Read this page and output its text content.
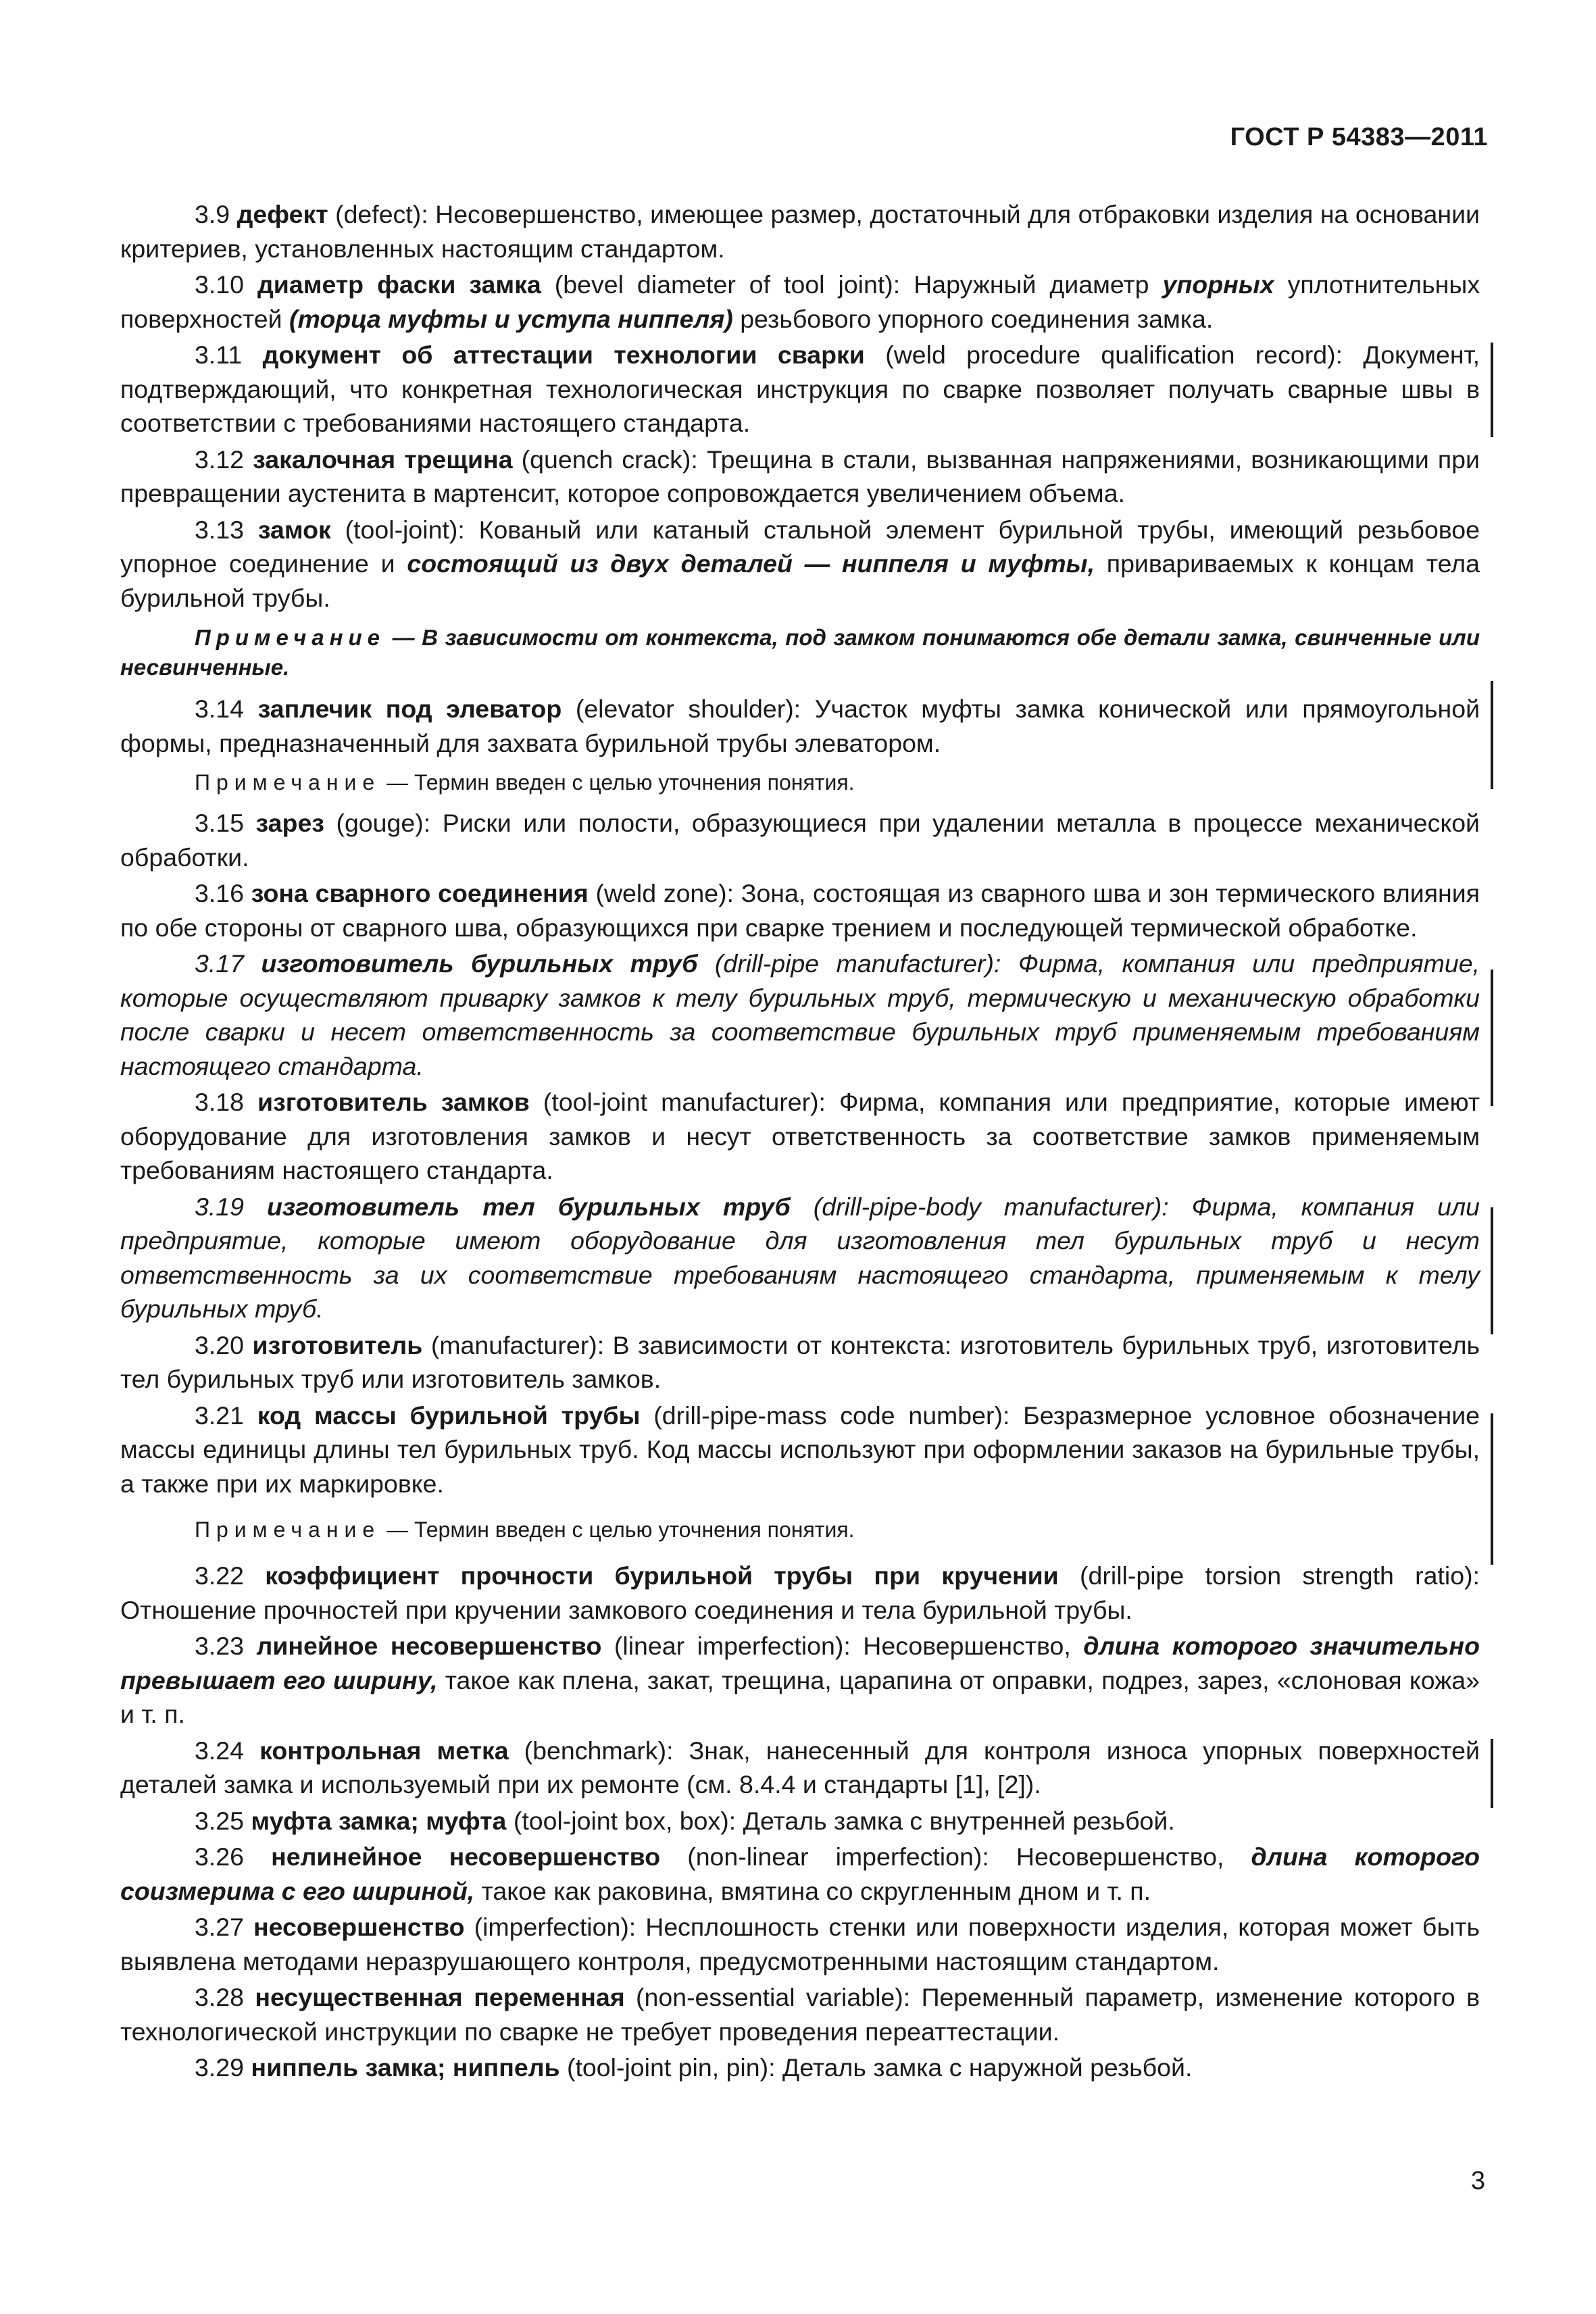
ГОСТ Р 54383—2011

3.9 дефект (defect): Несовершенство, имеющее размер, достаточный для отбраковки изделия на основании критериев, установленных настоящим стандартом.

3.10 диаметр фаски замка (bevel diameter of tool joint): Наружный диаметр упорных уплотнительных поверхностей (торца муфты и уступа ниппеля) резьбового упорного соединения замка.

3.11 документ об аттестации технологии сварки (weld procedure qualification record): Документ, подтверждающий, что конкретная технологическая инструкция по сварке позволяет получать сварные швы в соответствии с требованиями настоящего стандарта.

3.12 закалочная трещина (quench crack): Трещина в стали, вызванная напряжениями, возникающими при превращении аустенита в мартенсит, которое сопровождается увеличением объема.

3.13 замок (tool-joint): Кованый или катаный стальной элемент бурильной трубы, имеющий резьбовое упорное соединение и состоящий из двух деталей — ниппеля и муфты, привариваемых к концам тела бурильной трубы.

Примечание — В зависимости от контекста, под замком понимаются обе детали замка, свинченные или несвинченные.

3.14 заплечик под элеватор (elevator shoulder): Участок муфты замка конической или прямоугольной формы, предназначенный для захвата бурильной трубы элеватором.

Примечание — Термин введен с целью уточнения понятия.

3.15 зарез (gouge): Риски или полости, образующиеся при удалении металла в процессе механической обработки.

3.16 зона сварного соединения (weld zone): Зона, состоящая из сварного шва и зон термического влияния по обе стороны от сварного шва, образующихся при сварке трением и последующей термической обработке.

3.17 изготовитель бурильных труб (drill-pipe manufacturer): Фирма, компания или предприятие, которые осуществляют приварку замков к телу бурильных труб, термическую и механическую обработки после сварки и несет ответственность за соответствие бурильных труб применяемым требованиям настоящего стандарта.

3.18 изготовитель замков (tool-joint manufacturer): Фирма, компания или предприятие, которые имеют оборудование для изготовления замков и несут ответственность за соответствие замков применяемым требованиям настоящего стандарта.

3.19 изготовитель тел бурильных труб (drill-pipe-body manufacturer): Фирма, компания или предприятие, которые имеют оборудование для изготовления тел бурильных труб и несут ответственность за их соответствие требованиям настоящего стандарта, применяемым к телу бурильных труб.

3.20 изготовитель (manufacturer): В зависимости от контекста: изготовитель бурильных труб, изготовитель тел бурильных труб или изготовитель замков.

3.21 код массы бурильной трубы (drill-pipe-mass code number): Безразмерное условное обозначение массы единицы длины тел бурильных труб. Код массы используют при оформлении заказов на бурильные трубы, а также при их маркировке.

Примечание — Термин введен с целью уточнения понятия.

3.22 коэффициент прочности бурильной трубы при кручении (drill-pipe torsion strength ratio): Отношение прочностей при кручении замкового соединения и тела бурильной трубы.

3.23 линейное несовершенство (linear imperfection): Несовершенство, длина которого значительно превышает его ширину, такое как плена, закат, трещина, царапина от оправки, подрез, зарез, «слоновая кожа» и т. п.

3.24 контрольная метка (benchmark): Знак, нанесенный для контроля износа упорных поверхностей деталей замка и используемый при их ремонте (см. 8.4.4 и стандарты [1], [2]).

3.25 муфта замка; муфта (tool-joint box, box): Деталь замка с внутренней резьбой.

3.26 нелинейное несовершенство (non-linear imperfection): Несовершенство, длина которого соизмерима с его шириной, такое как раковина, вмятина со скругленным дном и т. п.

3.27 несовершенство (imperfection): Несплошность стенки или поверхности изделия, которая может быть выявлена методами неразрушающего контроля, предусмотренными настоящим стандартом.

3.28 несущественная переменная (non-essential variable): Переменный параметр, изменение которого в технологической инструкции по сварке не требует проведения переаттестации.

3.29 ниппель замка; ниппель (tool-joint pin, pin): Деталь замка с наружной резьбой.

3
